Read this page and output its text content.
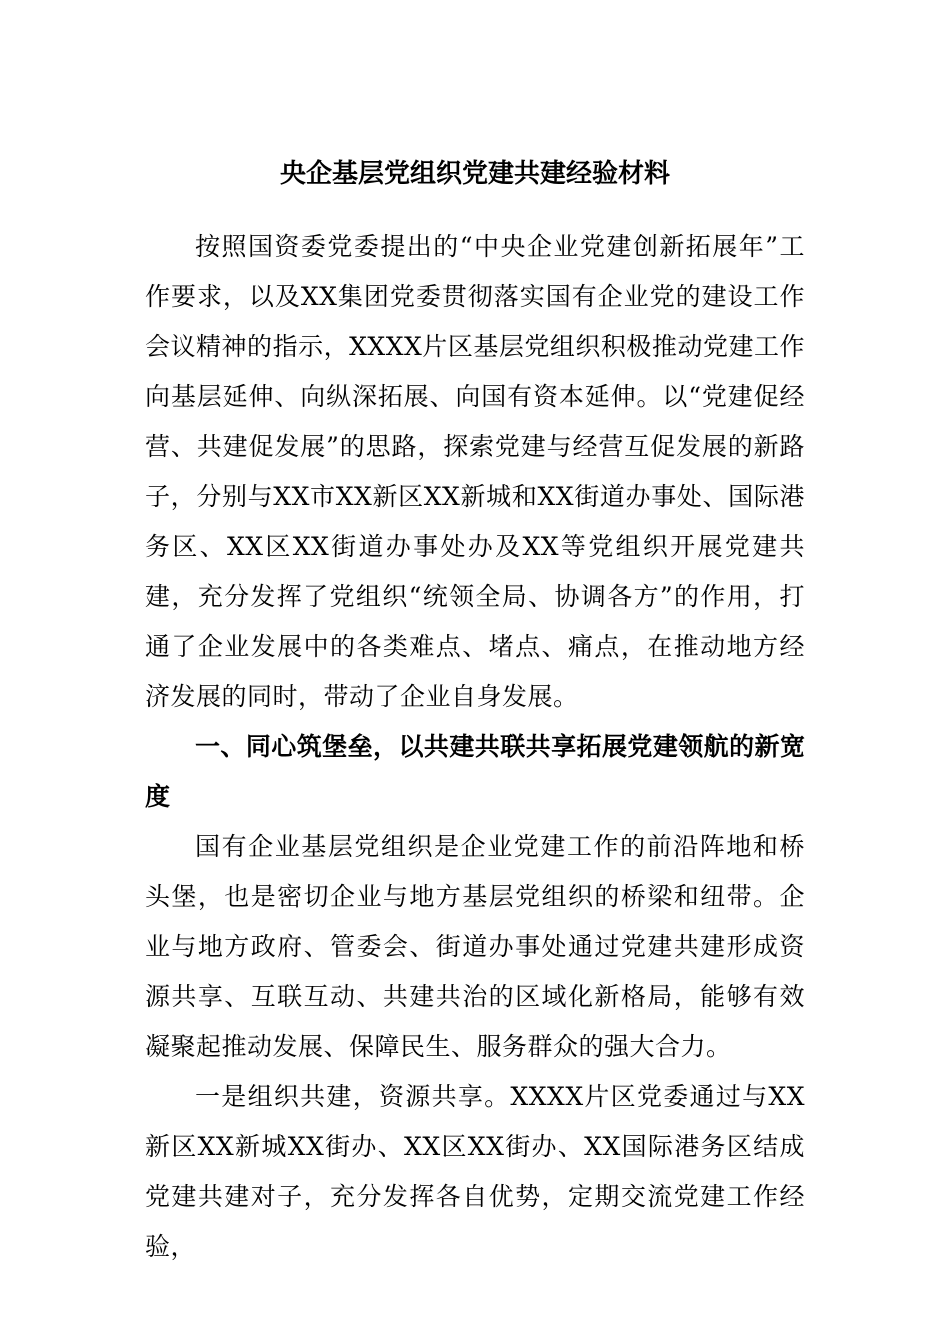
央企基层党组织党建共建经验材料

按照国资委党委提出的“中央企业党建创新拓展年”工作要求，以及XX集团党委贯彻落实国有企业党的建设工作会议精神的指示，XXXX片区基层党组织积极推动党建工作向基层延伸、向纵深拓展、向国有资本延伸。以“党建促经营、共建促发展”的思路，探索党建与经营互促发展的新路子，分别与XX市XX新区XX新城和XX街道办事处、国际港务区、XX区XX街道办事处办及XX等党组织开展党建共建，充分发挥了党组织“统领全局、协调各方”的作用，打通了企业发展中的各类难点、堵点、痛点，在推动地方经济发展的同时，带动了企业自身发展。

一、同心筑堡垒，以共建共联共享拓展党建领航的新宽度

国有企业基层党组织是企业党建工作的前沿阵地和桥头堡，也是密切企业与地方基层党组织的桥梁和纽带。企业与地方政府、管委会、街道办事处通过党建共建形成资源共享、互联互动、共建共治的区域化新格局，能够有效凝聚起推动发展、保障民生、服务群众的强大合力。

一是组织共建，资源共享。XXXX片区党委通过与XX新区XX新城XX街办、XX区XX街办、XX国际港务区结成党建共建对子，充分发挥各自优势，定期交流党建工作经验，
